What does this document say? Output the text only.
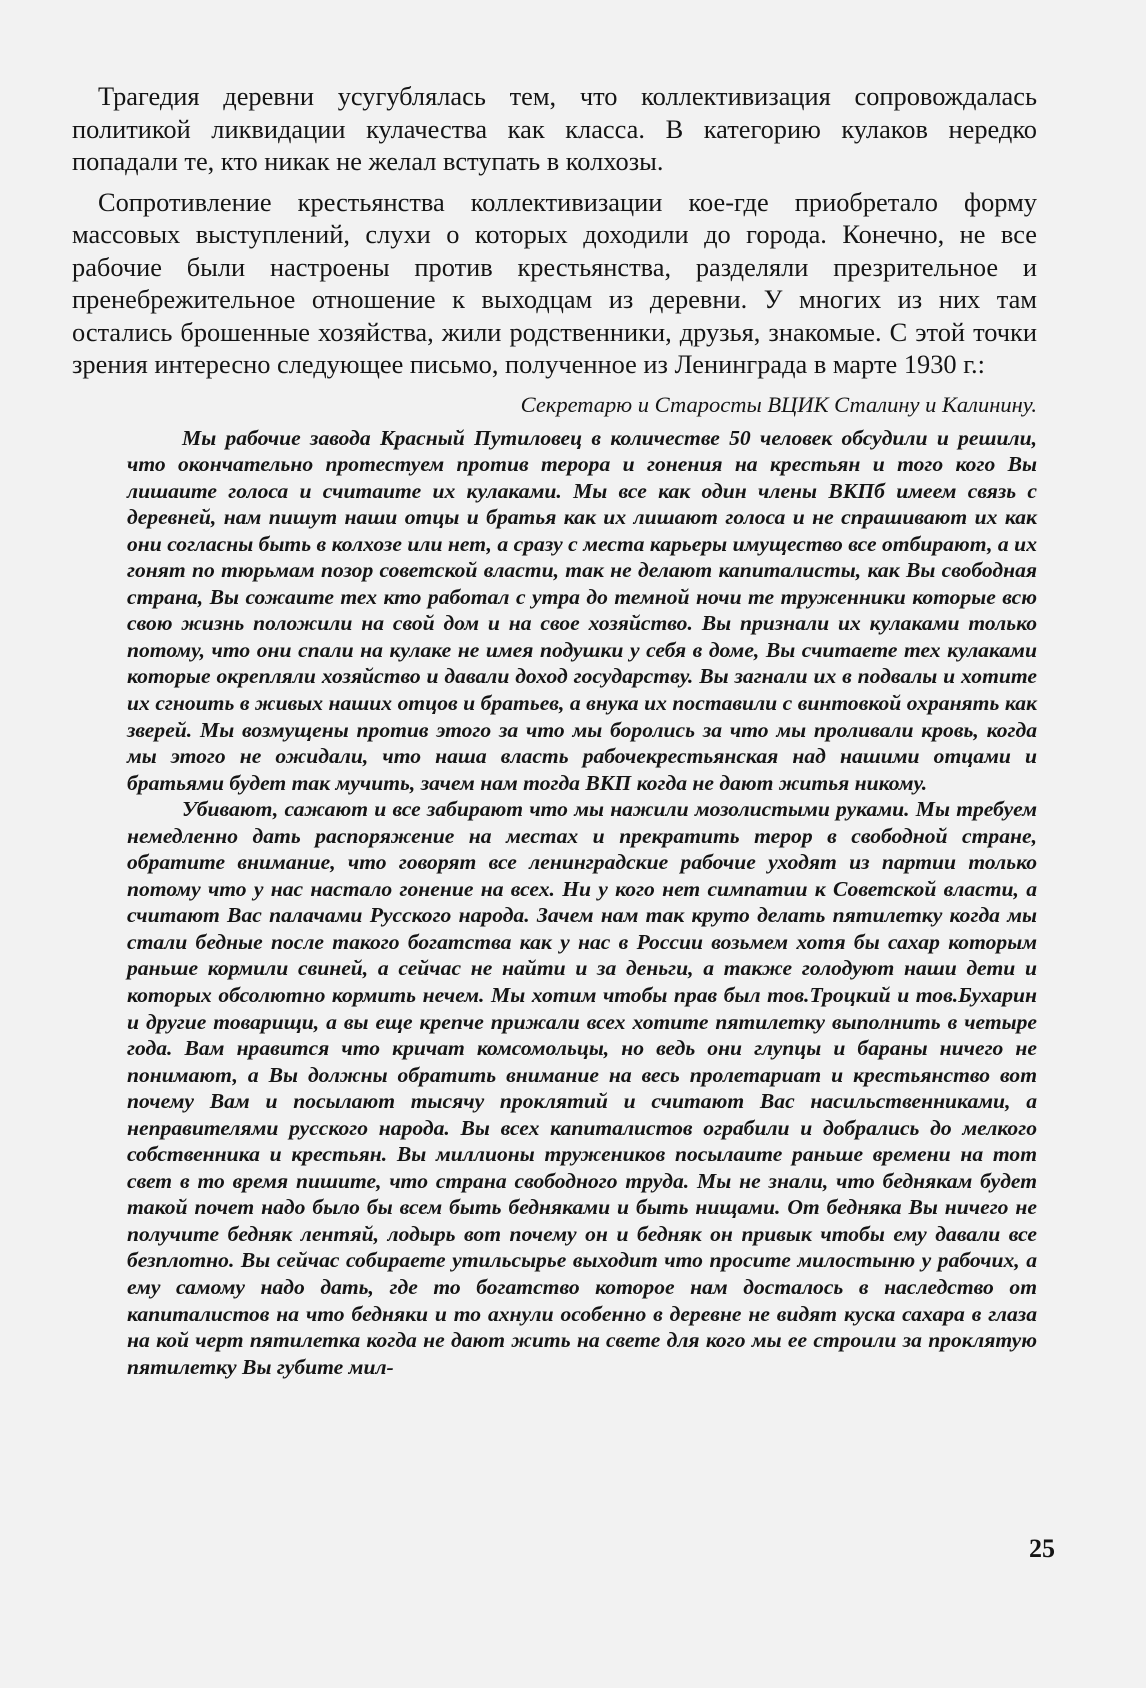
Трагедия деревни усугублялась тем, что коллективизация сопровождалась политикой ликвидации кулачества как класса. В категорию кулаков нередко попадали те, кто никак не желал вступать в колхозы.

Сопротивление крестьянства коллективизации кое-где приобретало форму массовых выступлений, слухи о которых доходили до города. Конечно, не все рабочие были настроены против крестьянства, разделяли презрительное и пренебрежительное отношение к выходцам из деревни. У многих из них там остались брошенные хозяйства, жили родственники, друзья, знакомые. С этой точки зрения интересно следующее письмо, полученное из Ленинграда в марте 1930 г.:

Секретарю и Старосты ВЦИК Сталину и Калинину.

Мы рабочие завода Красный Путиловец в количестве 50 человек обсудили и решили, что окончательно протестуем против терора и гонения на крестьян и того кого Вы лишаите голоса и считаите их кулаками. Мы все как один члены ВКПб имеем связь с деревней, нам пишут наши отцы и братья как их лишают голоса и не спрашивают их как они согласны быть в колхозе или нет, а сразу с места карьеры имущество все отбирают, а их гонят по тюрьмам позор советской власти, так не делают капиталисты, как Вы свободная страна, Вы сожаите тех кто работал с утра до темной ночи те труженники которые всю свою жизнь положили на свой дом и на свое хозяйство. Вы признали их кулаками только потому, что они спали на кулаке не имея подушки у себя в доме, Вы считаете тех кулаками которые окрепляли хозяйство и давали доход государству. Вы загнали их в подвалы и хотите их сгноить в живых наших отцов и братьев, а внука их поставили с винтовкой охранять как зверей. Мы возмущены против этого за что мы боролись за что мы проливали кровь, когда мы этого не ожидали, что наша власть рабочекрестьянская над нашими отцами и братьями будет так мучить, зачем нам тогда ВКП когда не дают житья никому.

Убивают, сажают и все забирают что мы нажили мозолистыми руками. Мы требуем немедленно дать распоряжение на местах и прекратить терор в свободной стране, обратите внимание, что говорят все ленинградские рабочие уходят из партии только потому что у нас настало гонение на всех. Ни у кого нет симпатии к Советской власти, а считают Вас палачами Русского народа. Зачем нам так круто делать пятилетку когда мы стали бедные после такого богатства как у нас в России возьмем хотя бы сахар которым раньше кормили свиней, а сейчас не найти и за деньги, а также голодуют наши дети и которых обсолютно кормить нечем. Мы хотим чтобы прав был тов.Троцкий и тов.Бухарин и другие товарищи, а вы еще крепче прижали всех хотите пятилетку выполнить в четыре года. Вам нравится что кричат комсомольцы, но ведь они глупцы и бараны ничего не понимают, а Вы должны обратить внимание на весь пролетариат и крестьянство вот почему Вам и посылают тысячу проклятий и считают Вас насильственниками, а неправителями русского народа. Вы всех капиталистов ограбили и добрались до мелкого собственника и крестьян. Вы миллионы тружеников посылаите раньше времени на тот свет в то время пишите, что страна свободного труда. Мы не знали, что беднякам будет такой почет надо было бы всем быть бедняками и быть нищами. От бедняка Вы ничего не получите бедняк лентяй, лодырь вот почему он и бедняк он привык чтобы ему давали все безплотно. Вы сейчас собираете утильсырье выходит что просите милостыню у рабочих, а ему самому надо дать, где то богатство которое нам досталось в наследство от капиталистов на что бедняки и то ахнули особенно в деревне не видят куска сахара в глаза на кой черт пятилетка когда не дают жить на свете для кого мы ее строили за проклятую пятилетку Вы губите мил-

25
